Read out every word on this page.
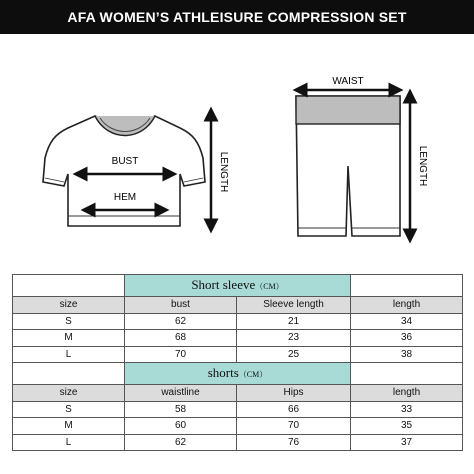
AFA WOMEN’S ATHLEISURE COMPRESSION SET
BUST
HEM
LENGTH
WAIST
LENGTH
	Short sleeve（CM）		
size	bust	Sleeve length	length
S	62	21	34
M	68	23	36
L	70	25	38
	shorts（CM）		
size	waistline	Hips	length
S	58	66	33
M	60	70	35
L	62	76	37
